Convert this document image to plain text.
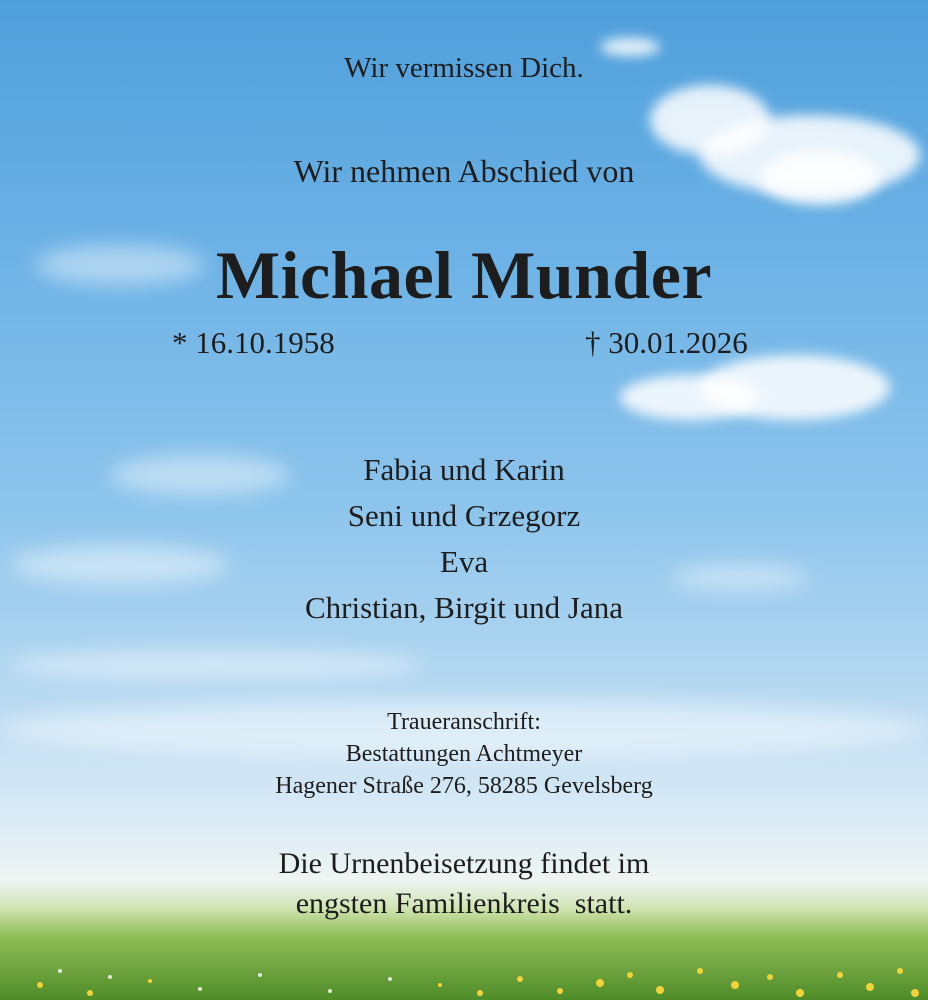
Wir vermissen Dich.

Wir nehmen Abschied von

Michael Munder

* 16.10.1958	† 30.01.2026

Fabia und Karin
Seni und Grzegorz
Eva
Christian, Birgit und Jana
Traueranschrift:
Bestattungen Achtmeyer
Hagener Straße 276, 58285 Gevelsberg
Die Urnenbeisetzung findet im
engsten Familienkreis  statt.
